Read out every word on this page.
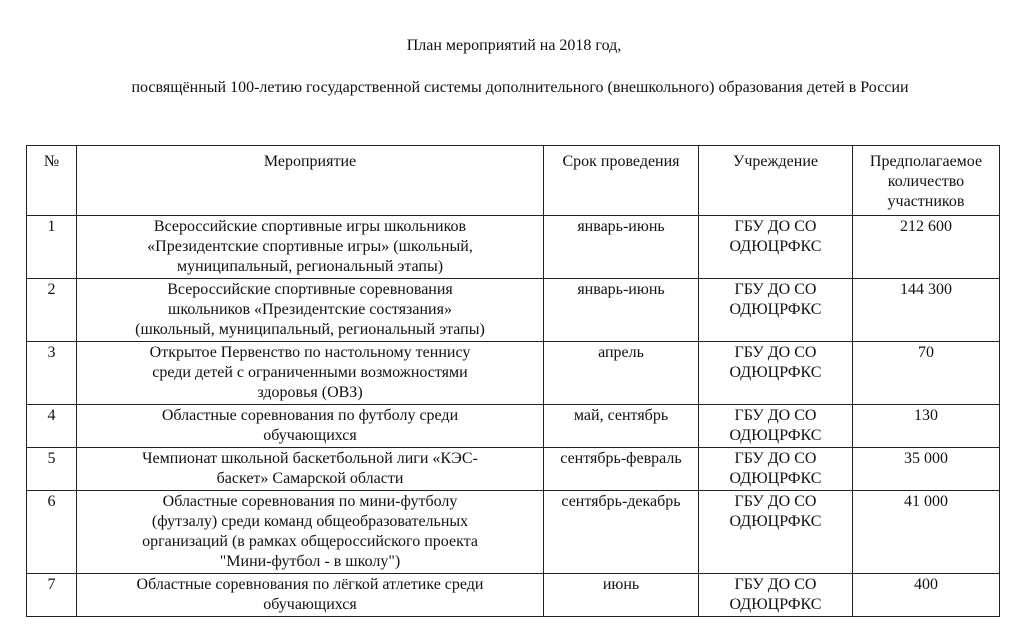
План мероприятий на 2018 год,
посвящённый 100-летию государственной системы дополнительного (внешкольного) образования детей в России
№	Мероприятие	Срок проведения	Учреждение	Предполагаемое
количество
участников
1	Всероссийские спортивные игры школьников
«Президентские спортивные игры» (школьный,
муниципальный, региональный этапы)	январь-июнь	ГБУ ДО СО
ОДЮЦРФКС	212 600
2	Всероссийские спортивные соревнования
школьников «Президентские состязания»
(школьный, муниципальный, региональный этапы)	январь-июнь	ГБУ ДО СО
ОДЮЦРФКС	144 300
3	Открытое Первенство по настольному теннису
среди детей с ограниченными возможностями
здоровья (ОВЗ)	апрель	ГБУ ДО СО
ОДЮЦРФКС	70
4	Областные соревнования по футболу среди
обучающихся	май, сентябрь	ГБУ ДО СО
ОДЮЦРФКС	130
5	Чемпионат школьной баскетбольной лиги «КЭС-
баскет» Самарской области	сентябрь-февраль	ГБУ ДО СО
ОДЮЦРФКС	35 000
6	Областные соревнования по мини-футболу
(футзалу) среди команд общеобразовательных
организаций (в рамках общероссийского проекта
"Мини-футбол - в школу")	сентябрь-декабрь	ГБУ ДО СО
ОДЮЦРФКС	41 000
7	Областные соревнования по лёгкой атлетике среди
обучающихся	июнь	ГБУ ДО СО
ОДЮЦРФКС	400
